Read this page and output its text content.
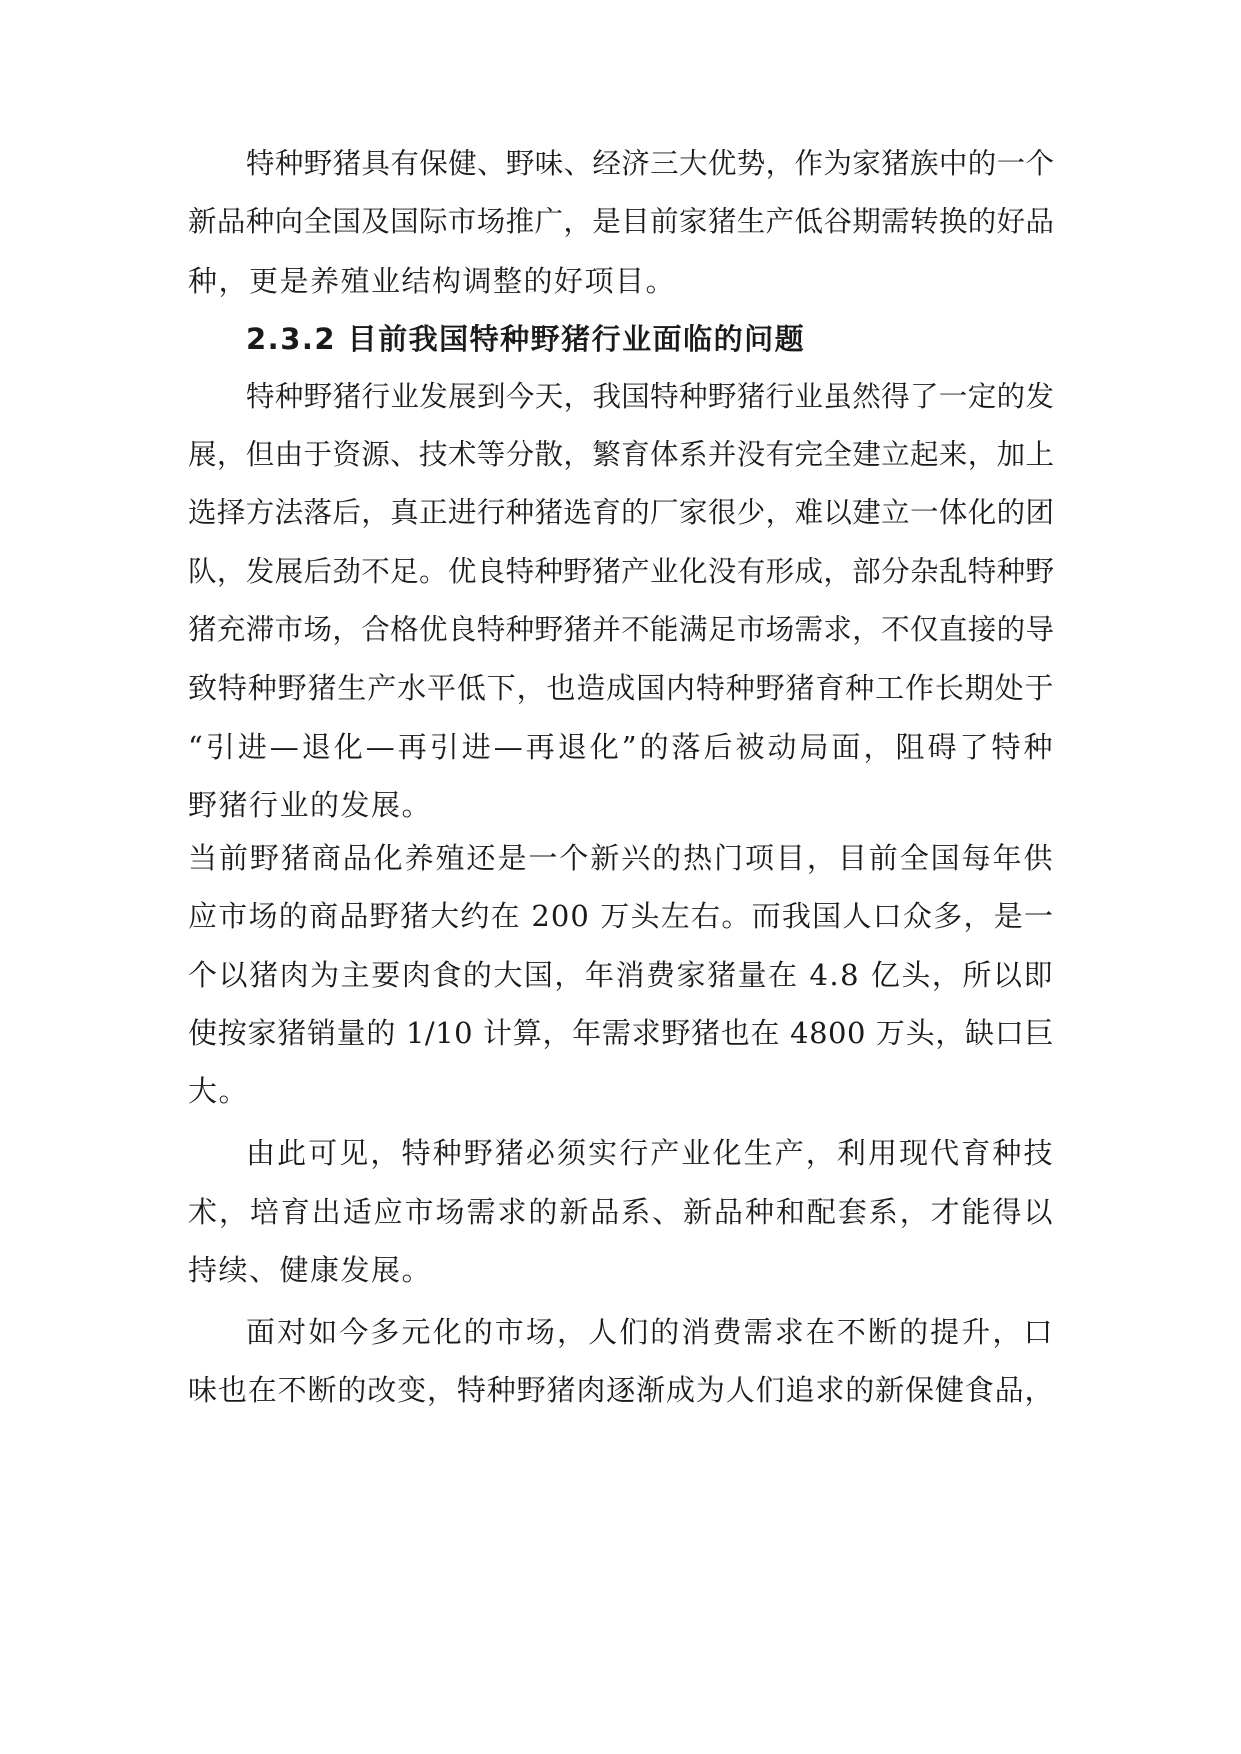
特种野猪具有保健、野味、经济三大优势，作为家猪族中的一个
新品种向全国及国际市场推广，是目前家猪生产低谷期需转换的好品
种，更是养殖业结构调整的好项目。
2.3.2 目前我国特种野猪行业面临的问题
特种野猪行业发展到今天，我国特种野猪行业虽然得了一定的发
展，但由于资源、技术等分散，繁育体系并没有完全建立起来，加上
选择方法落后，真正进行种猪选育的厂家很少，难以建立一体化的团
队，发展后劲不足。优良特种野猪产业化没有形成，部分杂乱特种野
猪充滞市场，合格优良特种野猪并不能满足市场需求，不仅直接的导
致特种野猪生产水平低下，也造成国内特种野猪育种工作长期处于
“引进—退化—再引进—再退化”的落后被动局面，阻碍了特种
野猪行业的发展。
当前野猪商品化养殖还是一个新兴的热门项目，目前全国每年供
应市场的商品野猪大约在 200 万头左右。而我国人口众多，是一
个以猪肉为主要肉食的大国，年消费家猪量在 4.8 亿头，所以即
使按家猪销量的 1/10 计算，年需求野猪也在 4800 万头，缺口巨
大。
由此可见，特种野猪必须实行产业化生产，利用现代育种技
术，培育出适应市场需求的新品系、新品种和配套系，才能得以
持续、健康发展。
面对如今多元化的市场，人们的消费需求在不断的提升，口
味也在不断的改变，特种野猪肉逐渐成为人们追求的新保健食品，
